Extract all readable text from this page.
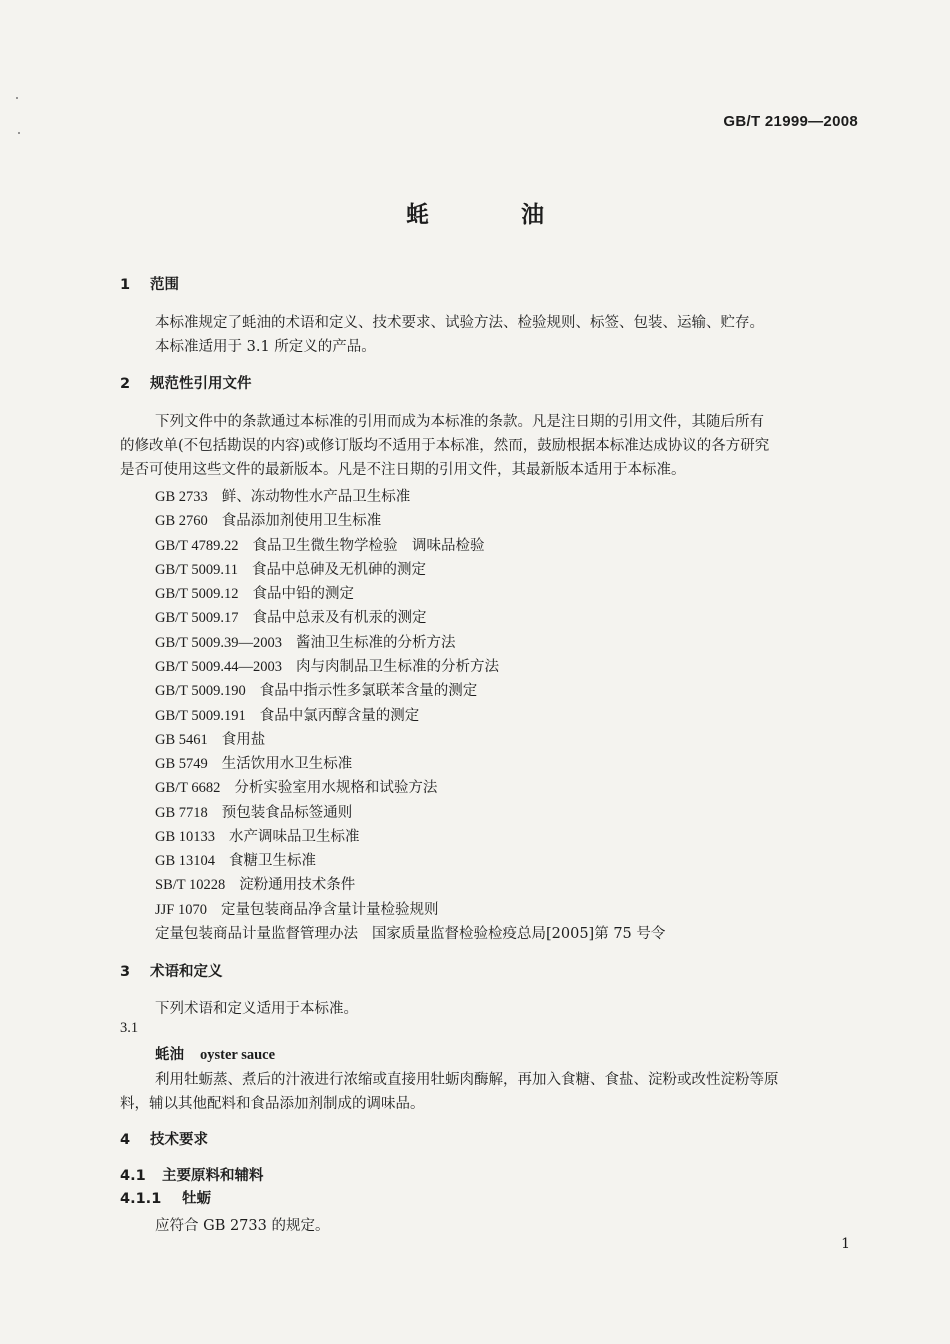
GB/T 21999—2008
蚝	油
1 范围
本标准规定了蚝油的术语和定义、技术要求、试验方法、检验规则、标签、包装、运输、贮存。
本标准适用于 3.1 所定义的产品。
2 规范性引用文件
下列文件中的条款通过本标准的引用而成为本标准的条款。凡是注日期的引用文件，其随后所有
的修改单(不包括勘误的内容)或修订版均不适用于本标准，然而，鼓励根据本标准达成协议的各方研究
是否可使用这些文件的最新版本。凡是不注日期的引用文件，其最新版本适用于本标准。
GB 2733 鲜、冻动物性水产品卫生标准
GB 2760 食品添加剂使用卫生标准
GB/T 4789.22 食品卫生微生物学检验　调味品检验
GB/T 5009.11 食品中总砷及无机砷的测定
GB/T 5009.12 食品中铅的测定
GB/T 5009.17 食品中总汞及有机汞的测定
GB/T 5009.39—2003 酱油卫生标准的分析方法
GB/T 5009.44—2003 肉与肉制品卫生标准的分析方法
GB/T 5009.190 食品中指示性多氯联苯含量的测定
GB/T 5009.191 食品中氯丙醇含量的测定
GB 5461 食用盐
GB 5749 生活饮用水卫生标准
GB/T 6682 分析实验室用水规格和试验方法
GB 7718 预包装食品标签通则
GB 10133 水产调味品卫生标准
GB 13104 食糖卫生标准
SB/T 10228 淀粉通用技术条件
JJF 1070 定量包装商品净含量计量检验规则
定量包装商品计量监督管理办法 国家质量监督检验检疫总局[2005]第 75 号令
3 术语和定义
下列术语和定义适用于本标准。
3.1
蚝油 oyster sauce
利用牡蛎蒸、煮后的汁液进行浓缩或直接用牡蛎肉酶解，再加入食糖、食盐、淀粉或改性淀粉等原
料，辅以其他配料和食品添加剂制成的调味品。
4 技术要求
4.1 主要原料和辅料
4.1.1 牡蛎
应符合 GB 2733 的规定。
1
